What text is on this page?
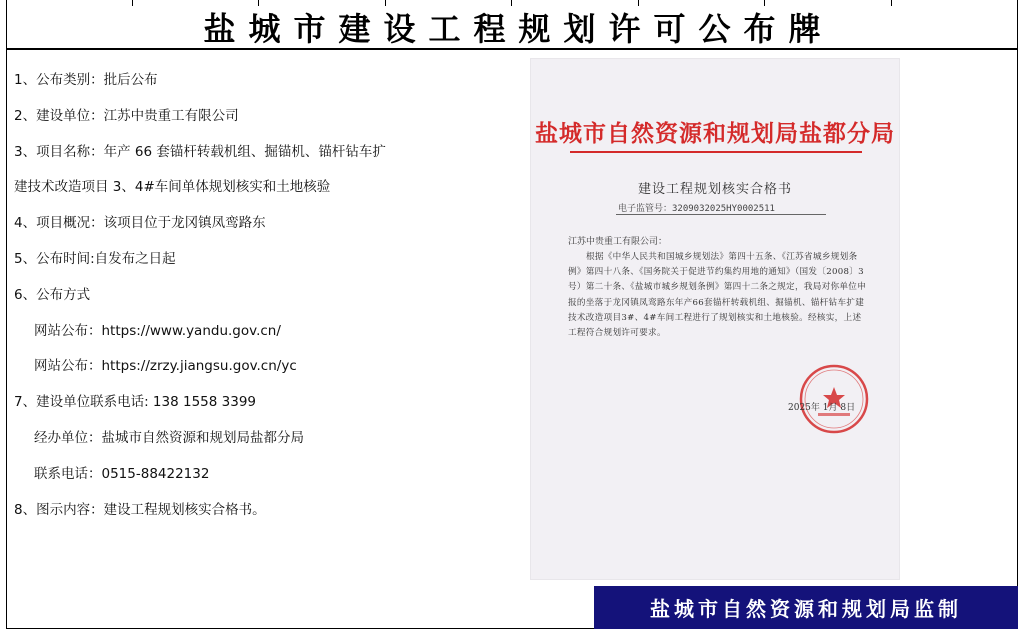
盐城市建设工程规划许可公布牌
1、公布类别：批后公布
2、建设单位：江苏中贵重工有限公司
3、项目名称：年产 66 套锚杆转载机组、掘锚机、锚杆钻车扩
建技术改造项目 3、4#车间单体规划核实和土地核验
4、项目概况：该项目位于龙冈镇凤鸾路东
5、公布时间:自发布之日起
6、公布方式
网站公布：https://www.yandu.gov.cn/
网站公布：https://zrzy.jiangsu.gov.cn/yc
7、建设单位联系电话: 138 1558 3399
经办单位：盐城市自然资源和规划局盐都分局
联系电话：0515-88422132
8、图示内容：建设工程规划核实合格书。
盐城市自然资源和规划局盐都分局
建设工程规划核实合格书
电子监管号：3209032025HY0002511
江苏中贵重工有限公司：
根据《中华人民共和国城乡规划法》第四十五条、《江苏省城乡规划条例》第四十八条、《国务院关于促进节约集约用地的通知》（国发〔2008〕3号）第二十条、《盐城市城乡规划条例》第四十二条之规定，我局对你单位申报的坐落于龙冈镇凤鸾路东年产66套锚杆转载机组、掘锚机、锚杆钻车扩建技术改造项目3#、4#车间工程进行了规划核实和土地核验。经核实，上述工程符合规划许可要求。
2025年 1月 8日
盐城市自然资源和规划局监制
